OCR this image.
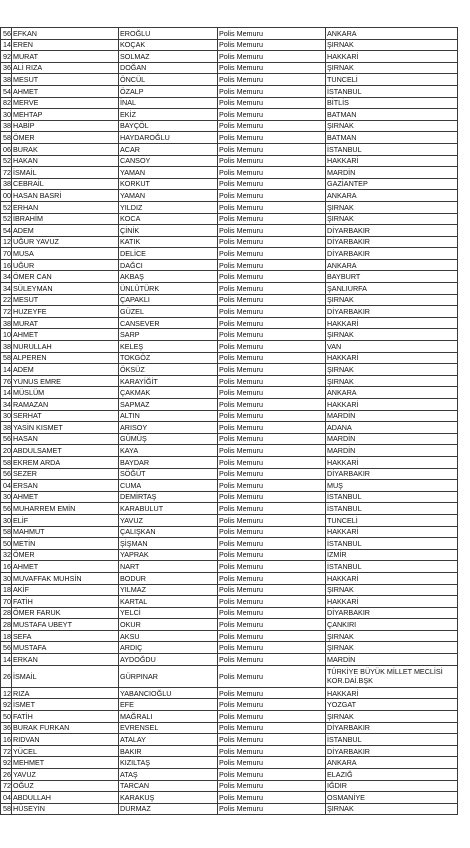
56	EFKAN	EROĞLU	Polis Memuru	ANKARA
14	EREN	KOÇAK	Polis Memuru	ŞIRNAK
92	MURAT	SOLMAZ	Polis Memuru	HAKKARİ
36	ALİ RIZA	DOĞAN	Polis Memuru	ŞIRNAK
38	MESUT	ÖNCÜL	Polis Memuru	TUNCELİ
54	AHMET	ÖZALP	Polis Memuru	İSTANBUL
82	MERVE	İNAL	Polis Memuru	BİTLİS
30	MEHTAP	EKİZ	Polis Memuru	BATMAN
38	HABİP	BAYÇÖL	Polis Memuru	ŞIRNAK
58	ÖMER	HAYDAROĞLU	Polis Memuru	BATMAN
06	BURAK	ACAR	Polis Memuru	İSTANBUL
52	HAKAN	CANSOY	Polis Memuru	HAKKARİ
72	İSMAİL	YAMAN	Polis Memuru	MARDİN
38	CEBRAİL	KORKUT	Polis Memuru	GAZİANTEP
00	HASAN BASRİ	YAMAN	Polis Memuru	ANKARA
52	ERHAN	YILDIZ	Polis Memuru	ŞIRNAK
52	İBRAHİM	KOCA	Polis Memuru	ŞIRNAK
54	ADEM	ÇİNİK	Polis Memuru	DİYARBAKIR
12	UĞUR YAVUZ	KATIK	Polis Memuru	DİYARBAKIR
70	MUSA	DELİCE	Polis Memuru	DİYARBAKIR
16	UĞUR	DAĞCI	Polis Memuru	ANKARA
34	ÖMER CAN	AKBAŞ	Polis Memuru	BAYBURT
34	SÜLEYMAN	ÜNLÜTÜRK	Polis Memuru	ŞANLIURFA
22	MESUT	ÇAPAKLI	Polis Memuru	ŞIRNAK
72	HUZEYFE	GÜZEL	Polis Memuru	DİYARBAKIR
38	MURAT	CANSEVER	Polis Memuru	HAKKARİ
10	AHMET	SARP	Polis Memuru	ŞIRNAK
38	NURULLAH	KELEŞ	Polis Memuru	VAN
58	ALPEREN	TOKGÖZ	Polis Memuru	HAKKARİ
14	ADEM	ÖKSÜZ	Polis Memuru	ŞIRNAK
76	YUNUS EMRE	KARAYİĞİT	Polis Memuru	ŞIRNAK
14	MÜSLÜM	ÇAKMAK	Polis Memuru	ANKARA
34	RAMAZAN	SAPMAZ	Polis Memuru	HAKKARİ
30	SERHAT	ALTIN	Polis Memuru	MARDİN
38	YASİN KISMET	ARISOY	Polis Memuru	ADANA
56	HASAN	GÜMÜŞ	Polis Memuru	MARDİN
20	ABDULSAMET	KAYA	Polis Memuru	MARDİN
58	EKREM ARDA	BAYDAR	Polis Memuru	HAKKARİ
56	SEZER	SÖĞÜT	Polis Memuru	DİYARBAKIR
04	ERSAN	CUMA	Polis Memuru	MUŞ
30	AHMET	DEMİRTAŞ	Polis Memuru	İSTANBUL
56	MUHARREM EMİN	KARABULUT	Polis Memuru	İSTANBUL
30	ELİF	YAVUZ	Polis Memuru	TUNCELİ
58	MAHMUT	ÇALIŞKAN	Polis Memuru	HAKKARİ
50	METİN	ŞİŞMAN	Polis Memuru	İSTANBUL
32	ÖMER	YAPRAK	Polis Memuru	İZMİR
16	AHMET	NART	Polis Memuru	İSTANBUL
30	MUVAFFAK MUHSİN	BODUR	Polis Memuru	HAKKARİ
18	AKİF	YILMAZ	Polis Memuru	ŞIRNAK
70	FATİH	KARTAL	Polis Memuru	HAKKARİ
28	ÖMER FARUK	YELCİ	Polis Memuru	DİYARBAKIR
28	MUSTAFA UBEYT	OKUR	Polis Memuru	ÇANKIRI
18	SEFA	AKSU	Polis Memuru	ŞIRNAK
56	MUSTAFA	ARDIÇ	Polis Memuru	ŞIRNAK
14	ERKAN	AYDOĞDU	Polis Memuru	MARDİN
26	İSMAİL	GÜRPINAR	Polis Memuru	TÜRKİYE BÜYÜK MİLLET MECLİSİ KOR.DAİ.BŞK
12	RIZA	YABANCIOĞLU	Polis Memuru	HAKKARİ
92	İSMET	EFE	Polis Memuru	YOZGAT
50	FATİH	MAĞRALI	Polis Memuru	ŞIRNAK
36	BURAK FURKAN	EVRENSEL	Polis Memuru	DİYARBAKIR
16	RIDVAN	ATALAY	Polis Memuru	İSTANBUL
72	YÜCEL	BAKIR	Polis Memuru	DİYARBAKIR
92	MEHMET	KIZILTAŞ	Polis Memuru	ANKARA
26	YAVUZ	ATAŞ	Polis Memuru	ELAZIĞ
72	OĞUZ	TARCAN	Polis Memuru	IĞDIR
04	ABDULLAH	KARAKUŞ	Polis Memuru	OSMANİYE
58	HÜSEYİN	DURMAZ	Polis Memuru	ŞIRNAK
